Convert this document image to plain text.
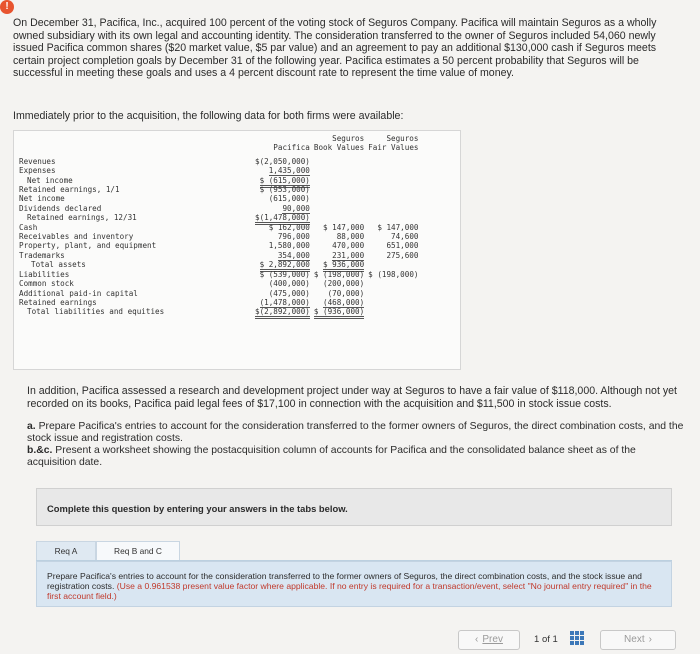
!

On December 31, Pacifica, Inc., acquired 100 percent of the voting stock of Seguros Company. Pacifica will maintain Seguros as a wholly owned subsidiary with its own legal and accounting identity. The consideration transferred to the owner of Seguros included 54,060 newly issued Pacifica common shares ($20 market value, $5 par value) and an agreement to pay an additional $130,000 cash if Seguros meets certain project completion goals by December 31 of the following year. Pacifica estimates a 50 percent probability that Seguros will be successful in meeting these goals and uses a 4 percent discount rate to represent the time value of money.

Immediately prior to the acquisition, the following data for both firms were available:

		Seguros	Seguros
	Pacifica	Book Values	Fair Values

Revenues	$(2,050,000)		
Expenses	1,435,000		
Net income	$ (615,000)		
Retained earnings, 1/1	$ (953,000)		
Net income	(615,000)		
Dividends declared	90,000		
Retained earnings, 12/31	$(1,478,000)		
Cash	$ 162,000	$ 147,000	$ 147,000
Receivables and inventory	796,000	88,000	74,600
Property, plant, and equipment	1,580,000	470,000	651,000
Trademarks	354,000	231,000	275,600
Total assets	$ 2,892,000	$ 936,000	
Liabilities	$ (539,000)	$ (198,000)	$ (198,000)
Common stock	(400,000)	(200,000)	
Additional paid-in capital	(475,000)	(70,000)	
Retained earnings	(1,478,000)	(468,000)	
Total liabilities and equities	$(2,892,000)	$ (936,000)	

In addition, Pacifica assessed a research and development project under way at Seguros to have a fair value of $118,000. Although not yet recorded on its books, Pacifica paid legal fees of $17,100 in connection with the acquisition and $11,500 in stock issue costs.

a. Prepare Pacifica's entries to account for the consideration transferred to the former owners of Seguros, the direct combination costs, and the stock issue and registration costs.
b.&c. Present a worksheet showing the postacquisition column of accounts for Pacifica and the consolidated balance sheet as of the acquisition date.
Complete this question by entering your answers in the tabs below.
Req A	Req B and C
Prepare Pacifica's entries to account for the consideration transferred to the former owners of Seguros, the direct combination costs, and the stock issue and registration costs. (Use a 0.961538 present value factor where applicable. If no entry is required for a transaction/event, select "No journal entry required" in the first account field.)
‹ Prev	1 of 1	Next ›
